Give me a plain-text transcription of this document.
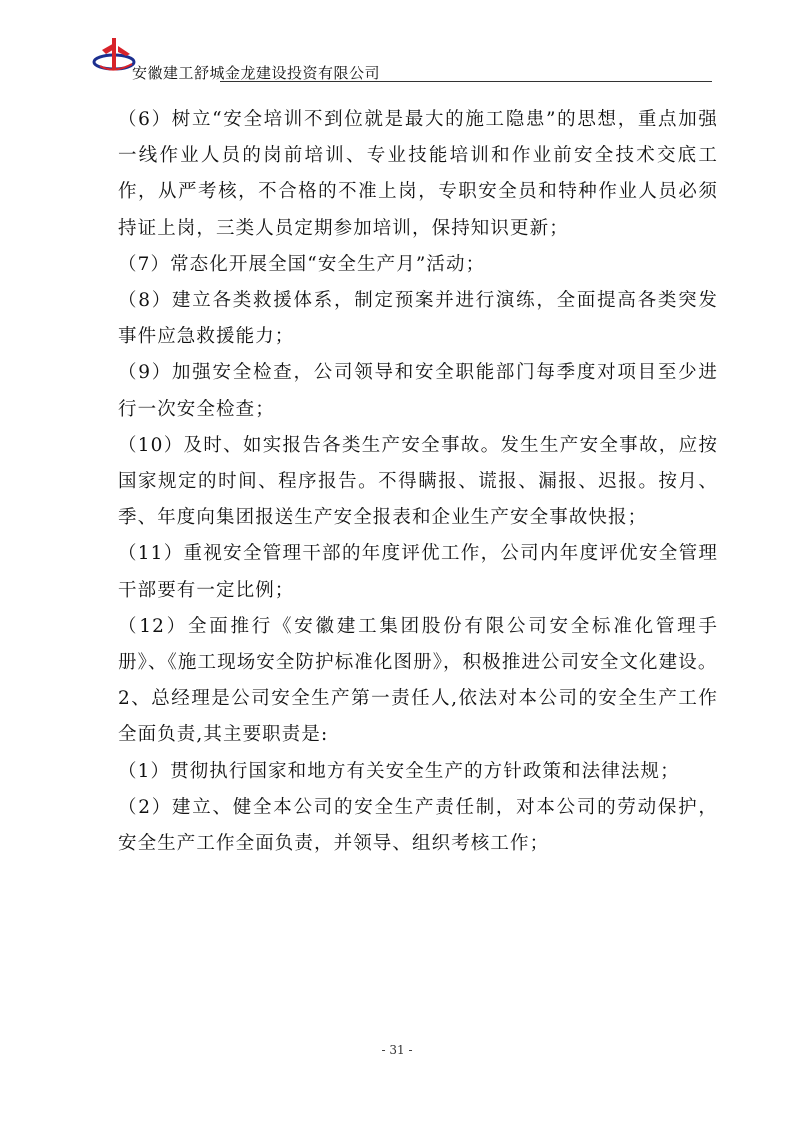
安徽建工舒城金龙建设投资有限公司

（6）树立“安全培训不到位就是最大的施工隐患”的思想，重点加强一线作业人员的岗前培训、专业技能培训和作业前安全技术交底工作，从严考核，不合格的不准上岗，专职安全员和特种作业人员必须持证上岗，三类人员定期参加培训，保持知识更新；

（7）常态化开展全国“安全生产月”活动；

（8）建立各类救援体系，制定预案并进行演练，全面提高各类突发事件应急救援能力；

（9）加强安全检查，公司领导和安全职能部门每季度对项目至少进行一次安全检查；

（10）及时、如实报告各类生产安全事故。发生生产安全事故，应按国家规定的时间、程序报告。不得瞒报、谎报、漏报、迟报。按月、季、年度向集团报送生产安全报表和企业生产安全事故快报；

（11）重视安全管理干部的年度评优工作，公司内年度评优安全管理干部要有一定比例；

（12）全面推行《安徽建工集团股份有限公司安全标准化管理手册》、《施工现场安全防护标准化图册》，积极推进公司安全文化建设。

2、总经理是公司安全生产第一责任人,依法对本公司的安全生产工作全面负责,其主要职责是:

（1）贯彻执行国家和地方有关安全生产的方针政策和法律法规；

（2）建立、健全本公司的安全生产责任制，对本公司的劳动保护，安全生产工作全面负责，并领导、组织考核工作；

- 31 -
